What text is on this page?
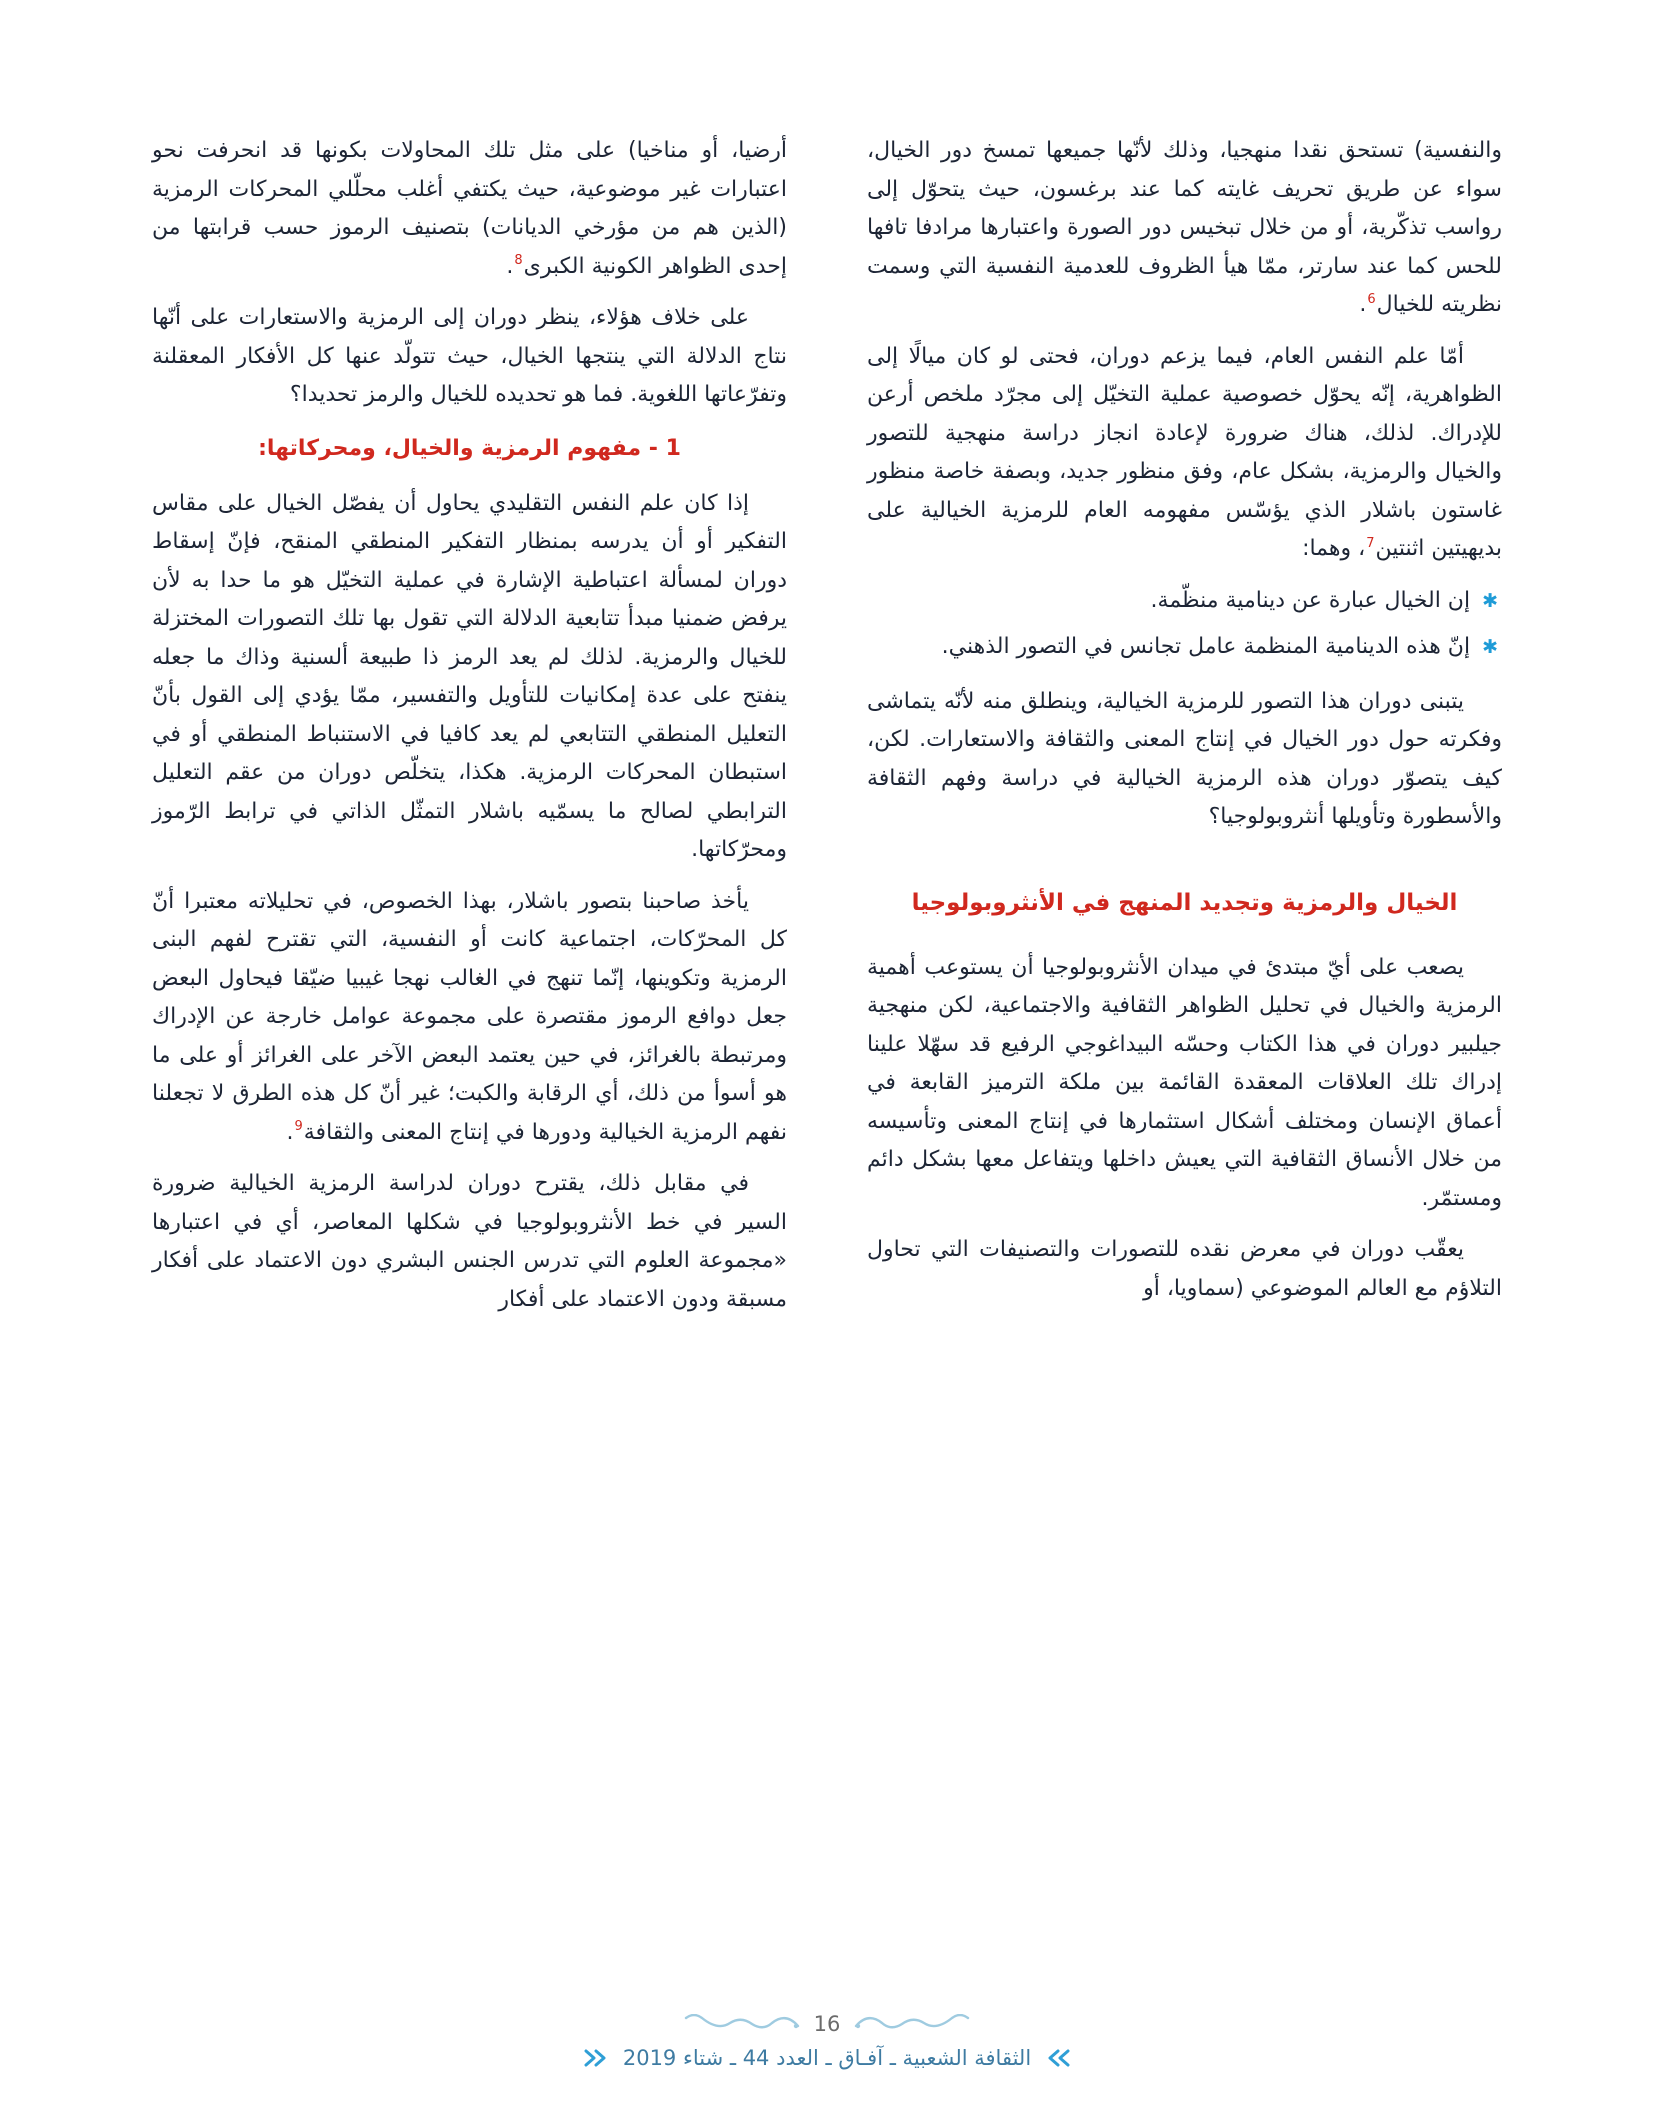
والنفسية) تستحق نقدا منهجيا، وذلك لأنّها جميعها تمسخ دور الخيال، سواء عن طريق تحريف غايته كما عند برغسون، حيث يتحوّل إلى رواسب تذكّرية، أو من خلال تبخيس دور الصورة واعتبارها مرادفا تافها للحس كما عند سارتر، ممّا هيأ الظروف للعدمية النفسية التي وسمت نظريته للخيال$^6$.

أمّا علم النفس العام، فيما يزعم دوران، فحتى لو كان ميالًا إلى الظواهرية، إنّه يحوّل خصوصية عملية التخيّل إلى مجرّد ملخص أرعن للإدراك. لذلك، هناك ضرورة لإعادة انجاز دراسة منهجية للتصور والخيال والرمزية، بشكل عام، وفق منظور جديد، وبصفة خاصة منظور غاستون باشلار الذي يؤسّس مفهومه العام للرمزية الخيالية على بديهيتين اثنتين$^7$، وهما:

✱
إن الخيال عبارة عن دينامية منظّمة.
✱
إنّ هذه الدينامية المنظمة عامل تجانس في التصور الذهني.

يتبنى دوران هذا التصور للرمزية الخيالية، وينطلق منه لأنّه يتماشى وفكرته حول دور الخيال في إنتاج المعنى والثقافة والاستعارات. لكن، كيف يتصوّر دوران هذه الرمزية الخيالية في دراسة وفهم الثقافة والأسطورة وتأويلها أنثروبولوجيا؟

الخيال والرمزية وتجديد المنهج في الأنثروبولوجيا

يصعب على أيّ مبتدئ في ميدان الأنثروبولوجيا أن يستوعب أهمية الرمزية والخيال في تحليل الظواهر الثقافية والاجتماعية، لكن منهجية جيلبير دوران في هذا الكتاب وحسّه البيداغوجي الرفيع قد سهّلا علينا إدراك تلك العلاقات المعقدة القائمة بين ملكة الترميز القابعة في أعماق الإنسان ومختلف أشكال استثمارها في إنتاج المعنى وتأسيسه من خلال الأنساق الثقافية التي يعيش داخلها ويتفاعل معها بشكل دائم ومستمّر.

يعقّب دوران في معرض نقده للتصورات والتصنيفات التي تحاول التلاؤم مع العالم الموضوعي (سماويا، أو

أرضيا، أو مناخيا) على مثل تلك المحاولات بكونها قد انحرفت نحو اعتبارات غير موضوعية، حيث يكتفي أغلب محلّلي المحركات الرمزية (الذين هم من مؤرخي الديانات) بتصنيف الرموز حسب قرابتها من إحدى الظواهر الكونية الكبرى$^8$.

على خلاف هؤلاء، ينظر دوران إلى الرمزية والاستعارات على أنّها نتاج الدلالة التي ينتجها الخيال، حيث تتولّد عنها كل الأفكار المعقلنة وتفرّعاتها اللغوية. فما هو تحديده للخيال والرمز تحديدا؟

1 - مفهوم الرمزية والخيال، ومحركاتها:

إذا كان علم النفس التقليدي يحاول أن يفصّل الخيال على مقاس التفكير أو أن يدرسه بمنظار التفكير المنطقي المنقح، فإنّ إسقاط دوران لمسألة اعتباطية الإشارة في عملية التخيّل هو ما حدا به لأن يرفض ضمنيا مبدأ تتابعية الدلالة التي تقول بها تلك التصورات المختزلة للخيال والرمزية. لذلك لم يعد الرمز ذا طبيعة ألسنية وذاك ما جعله ينفتح على عدة إمكانيات للتأويل والتفسير، ممّا يؤدي إلى القول بأنّ التعليل المنطقي التتابعي لم يعد كافيا في الاستنباط المنطقي أو في استبطان المحركات الرمزية. هكذا، يتخلّص دوران من عقم التعليل الترابطي لصالح ما يسمّيه باشلار التمثّل الذاتي في ترابط الرّموز ومحرّكاتها.

يأخذ صاحبنا بتصور باشلار، بهذا الخصوص، في تحليلاته معتبرا أنّ كل المحرّكات، اجتماعية كانت أو النفسية، التي تقترح لفهم البنى الرمزية وتكوينها، إنّما تنهج في الغالب نهجا غيبيا ضيّقا فيحاول البعض جعل دوافع الرموز مقتصرة على مجموعة عوامل خارجة عن الإدراك ومرتبطة بالغرائز، في حين يعتمد البعض الآخر على الغرائز أو على ما هو أسوأ من ذلك، أي الرقابة والكبت؛ غير أنّ كل هذه الطرق لا تجعلنا نفهم الرمزية الخيالية ودورها في إنتاج المعنى والثقافة$^9$.

في مقابل ذلك، يقترح دوران لدراسة الرمزية الخيالية ضرورة السير في خط الأنثروبولوجيا في شكلها المعاصر، أي في اعتبارها «مجموعة العلوم التي تدرس الجنس البشري دون الاعتماد على أفكار مسبقة ودون الاعتماد على أفكار

16
الثقافة الشعبية ـ آفـاق ـ العدد 44 ـ شتاء 2019
